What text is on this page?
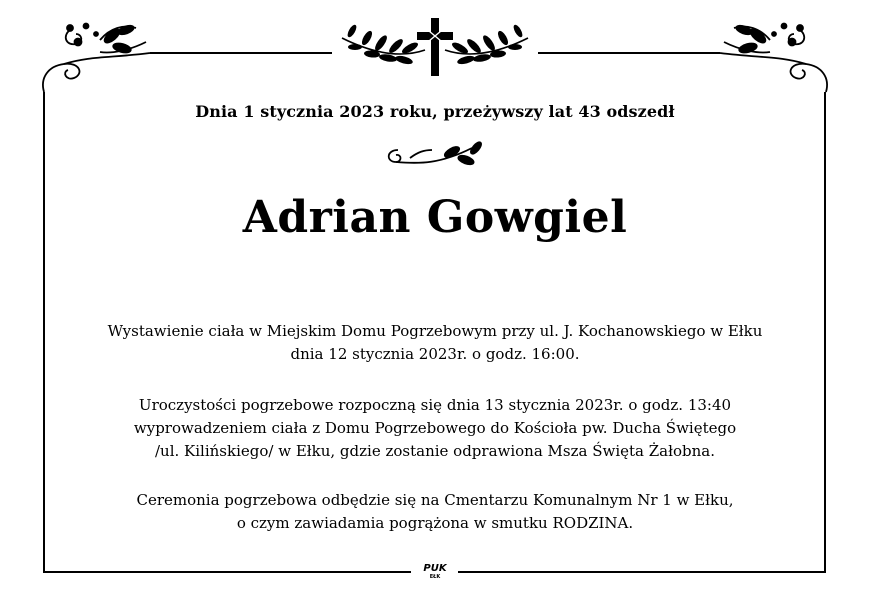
Dnia 1 stycznia 2023 roku, przeżywszy lat 43 odszedł
Adrian Gowgiel
Wystawienie ciała w Miejskim Domu Pogrzebowym przy ul. J. Kochanowskiego w Ełku
dnia 12 stycznia 2023r. o godz. 16:00.
Uroczystości pogrzebowe rozpoczną się dnia 13 stycznia 2023r. o godz. 13:40
wyprowadzeniem ciała z Domu Pogrzebowego do Kościoła pw. Ducha Świętego
/ul. Kilińskiego/ w Ełku, gdzie zostanie odprawiona Msza Święta Żałobna.
Ceremonia pogrzebowa odbędzie się na Cmentarzu Komunalnym Nr 1 w Ełku,
o czym zawiadamia pogrążona w smutku RODZINA.
PUK
EŁK
